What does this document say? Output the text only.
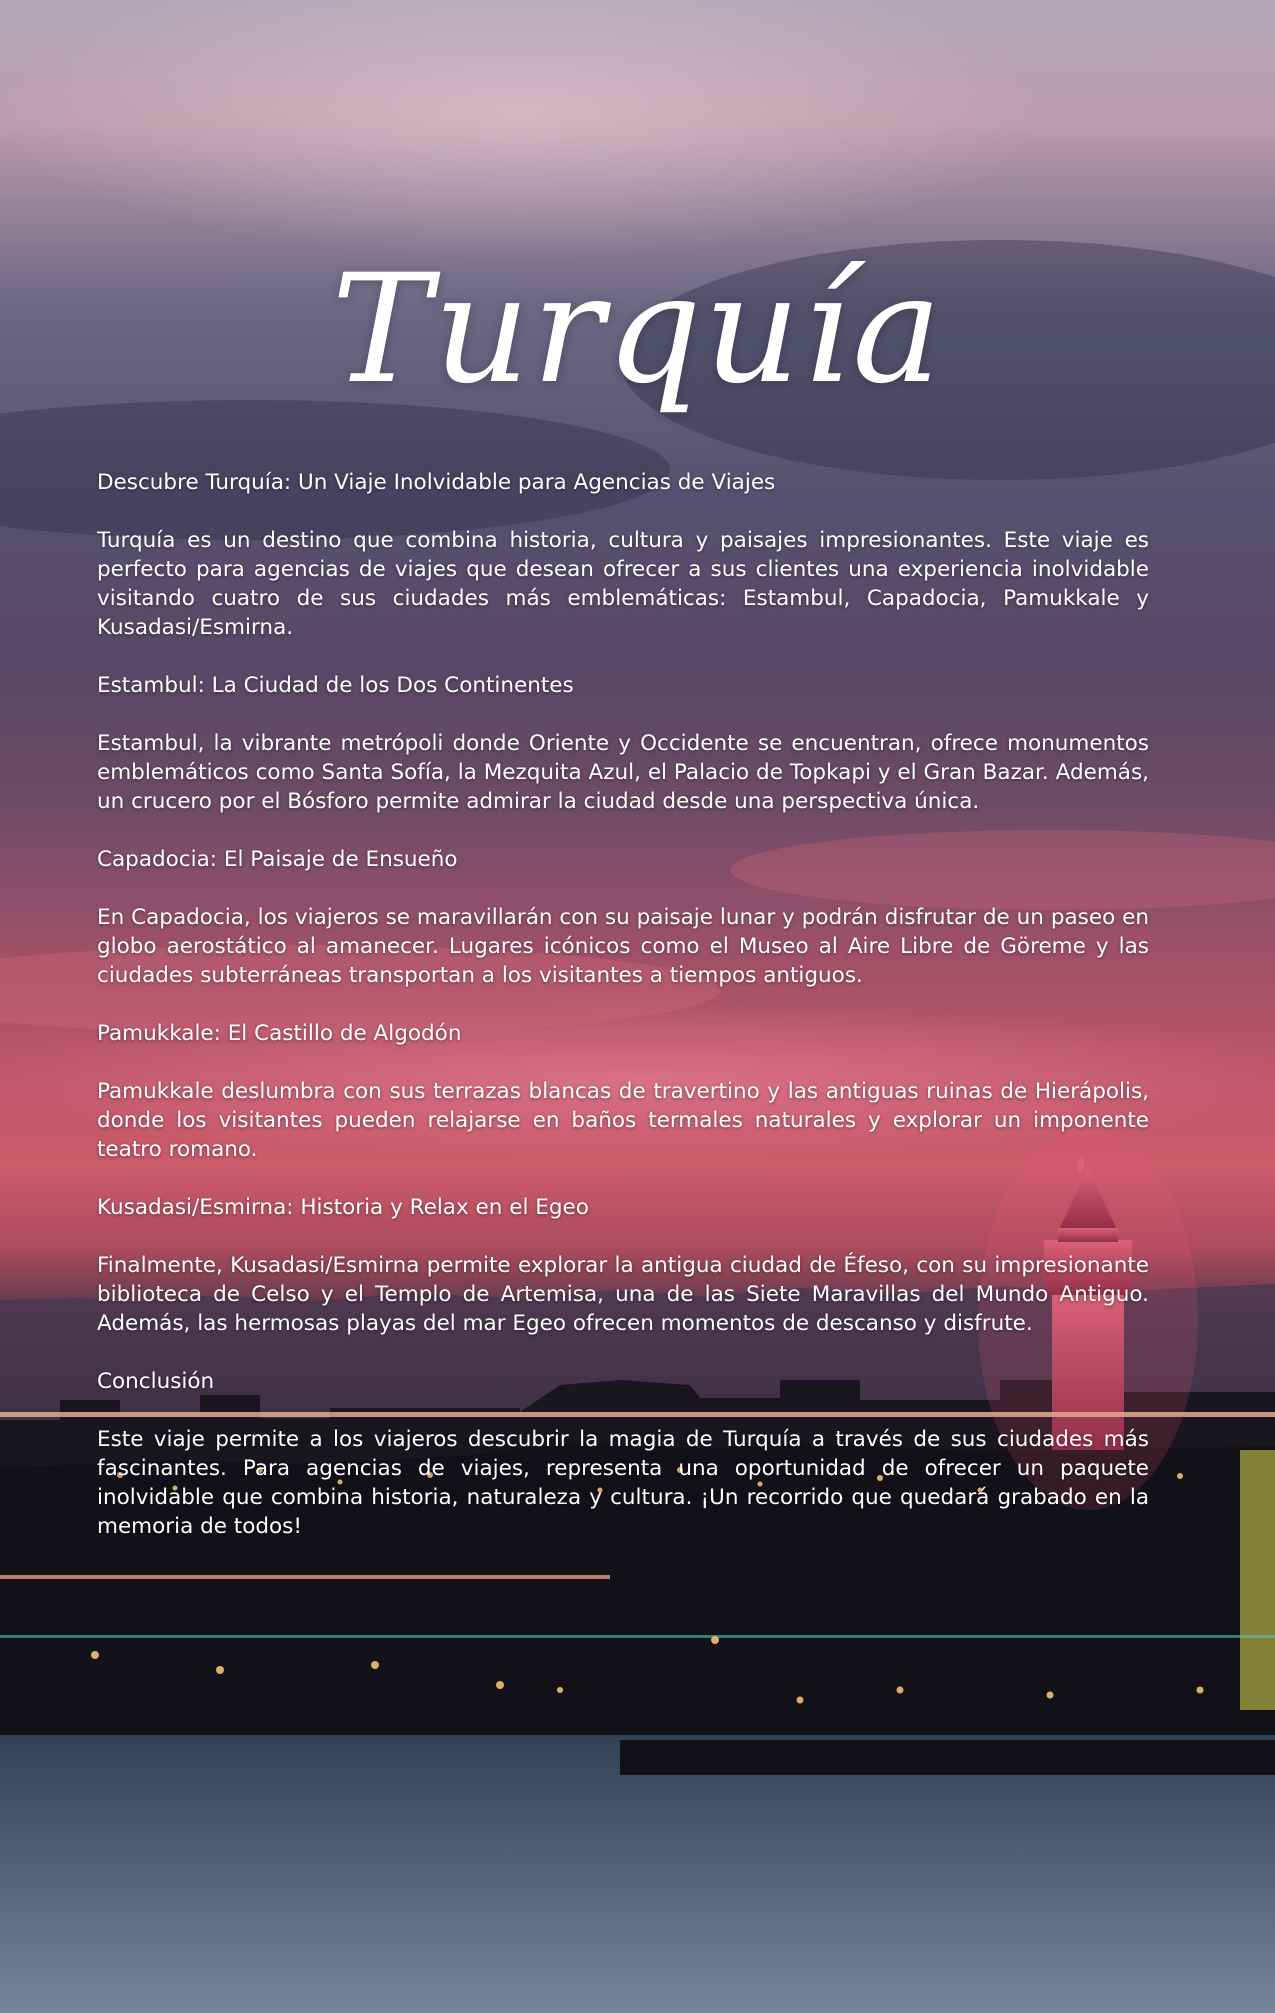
Turquía

Descubre Turquía: Un Viaje Inolvidable para Agencias de Viajes

Turquía es un destino que combina historia, cultura y paisajes impresionantes. Este viaje es perfecto para agencias de viajes que desean ofrecer a sus clientes una experiencia inolvidable visitando cuatro de sus ciudades más emblemáticas: Estambul, Capadocia, Pamukkale y Kusadasi/Esmirna.

Estambul: La Ciudad de los Dos Continentes

Estambul, la vibrante metrópoli donde Oriente y Occidente se encuentran, ofrece monumentos emblemáticos como Santa Sofía, la Mezquita Azul, el Palacio de Topkapi y el Gran Bazar. Además, un crucero por el Bósforo permite admirar la ciudad desde una perspectiva única.

Capadocia: El Paisaje de Ensueño

En Capadocia, los viajeros se maravillarán con su paisaje lunar y podrán disfrutar de un paseo en globo aerostático al amanecer. Lugares icónicos como el Museo al Aire Libre de Göreme y las ciudades subterráneas transportan a los visitantes a tiempos antiguos.

Pamukkale: El Castillo de Algodón

Pamukkale deslumbra con sus terrazas blancas de travertino y las antiguas ruinas de Hierápolis, donde los visitantes pueden relajarse en baños termales naturales y explorar un imponente teatro romano.

Kusadasi/Esmirna: Historia y Relax en el Egeo

Finalmente, Kusadasi/Esmirna permite explorar la antigua ciudad de Éfeso, con su impresionante biblioteca de Celso y el Templo de Artemisa, una de las Siete Maravillas del Mundo Antiguo. Además, las hermosas playas del mar Egeo ofrecen momentos de descanso y disfrute.

Conclusión

Este viaje permite a los viajeros descubrir la magia de Turquía a través de sus ciudades más fascinantes. Para agencias de viajes, representa una oportunidad de ofrecer un paquete inolvidable que combina historia, naturaleza y cultura. ¡Un recorrido que quedará grabado en la memoria de todos!
